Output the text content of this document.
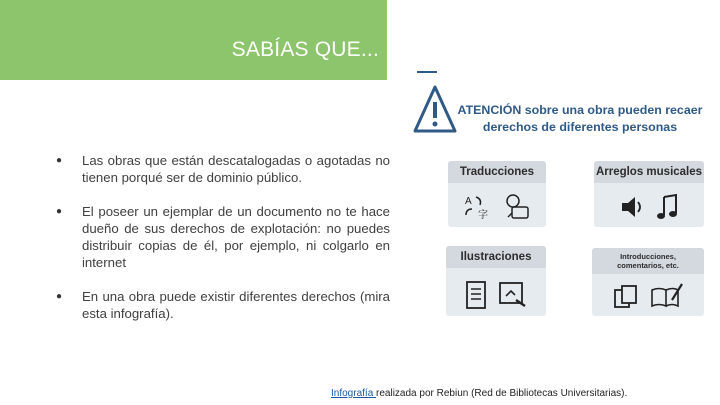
SABÍAS QUE...
● Las obras que están descatalogadas o agotadas no tienen porqué ser de dominio público.
● El poseer un ejemplar de un documento no te hace dueño de sus derechos de explotación: no puedes distribuir copias de él, por ejemplo, ni colgarlo en internet
● En una obra puede existir diferentes derechos (mira esta infografía).
ATENCIÓN sobre una obra pueden recaer
derechos de diferentes personas
Traducciones
A
字
Arreglos musicales
Ilustraciones	Introducciones,
comentarios, etc.
Infografía realizada por Rebiun (Red de Bibliotecas Universitarias).
